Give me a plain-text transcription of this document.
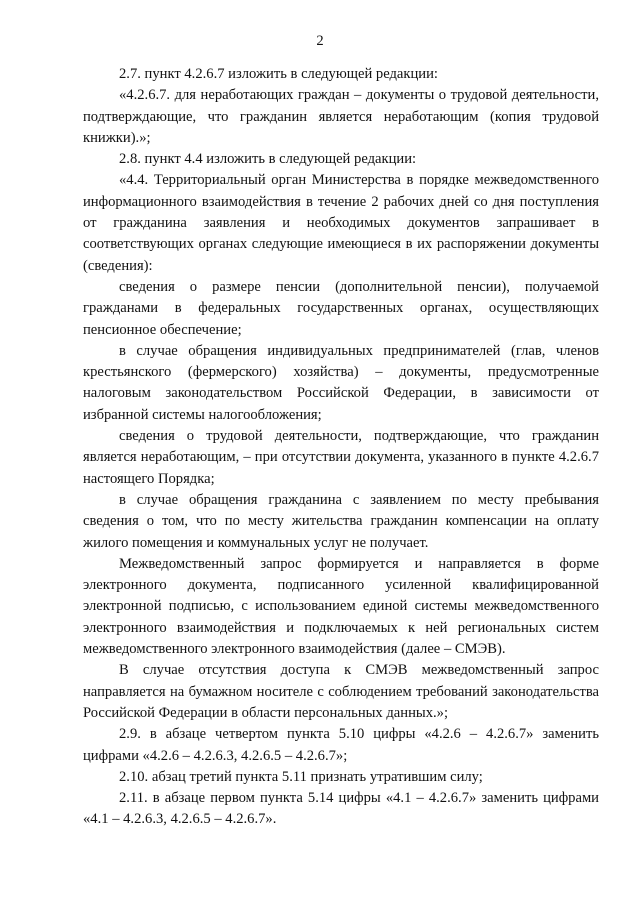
2

2.7. пункт 4.2.6.7 изложить в следующей редакции:

«4.2.6.7. для неработающих граждан – документы о трудовой деятельности, подтверждающие, что гражданин является неработающим (копия трудовой книжки).»;

2.8. пункт 4.4 изложить в следующей редакции:

«4.4. Территориальный орган Министерства в порядке межведомственного информационного взаимодействия в течение 2 рабочих дней со дня поступления от гражданина заявления и необходимых документов запрашивает в соответствующих органах следующие имеющиеся в их распоряжении документы (сведения):

сведения о размере пенсии (дополнительной пенсии), получаемой гражданами в федеральных государственных органах, осуществляющих пенсионное обеспечение;

в случае обращения индивидуальных предпринимателей (глав, членов крестьянского (фермерского) хозяйства) – документы, предусмотренные налоговым законодательством Российской Федерации, в зависимости от избранной системы налогообложения;

сведения о трудовой деятельности, подтверждающие, что гражданин является неработающим, – при отсутствии документа, указанного в пункте 4.2.6.7 настоящего Порядка;

в случае обращения гражданина с заявлением по месту пребывания сведения о том, что по месту жительства гражданин компенсации на оплату жилого помещения и коммунальных услуг не получает.

Межведомственный запрос формируется и направляется в форме электронного документа, подписанного усиленной квалифицированной электронной подписью, с использованием единой системы межведомственного электронного взаимодействия и подключаемых к ней региональных систем межведомственного электронного взаимодействия (далее – СМЭВ).

В случае отсутствия доступа к СМЭВ межведомственный запрос направляется на бумажном носителе с соблюдением требований законодательства Российской Федерации в области персональных данных.»;

2.9. в абзаце четвертом пункта 5.10 цифры «4.2.6 – 4.2.6.7» заменить цифрами «4.2.6 – 4.2.6.3, 4.2.6.5 – 4.2.6.7»;

2.10. абзац третий пункта 5.11 признать утратившим силу;

2.11. в абзаце первом пункта 5.14 цифры «4.1 – 4.2.6.7» заменить цифрами «4.1 – 4.2.6.3, 4.2.6.5 – 4.2.6.7».
